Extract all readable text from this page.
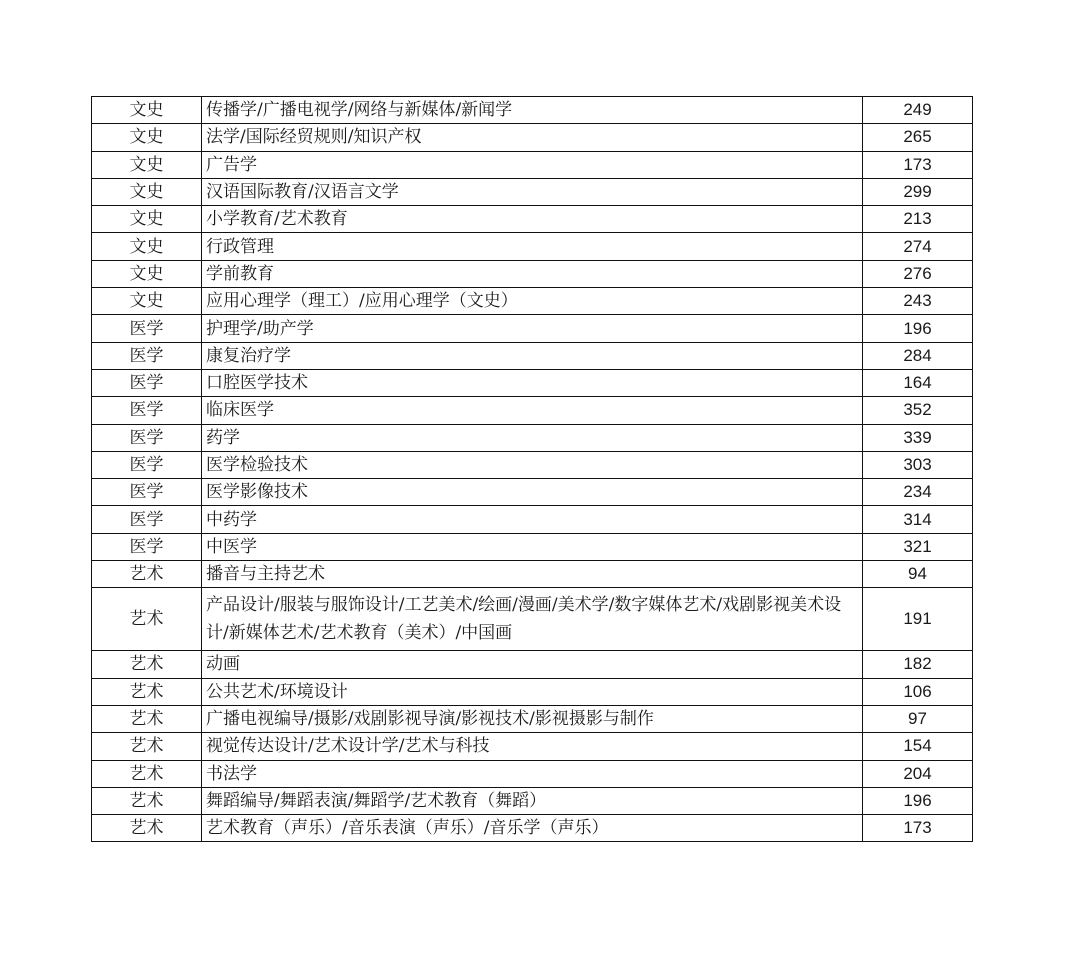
文史	传播学/广播电视学/网络与新媒体/新闻学	249
文史	法学/国际经贸规则/知识产权	265
文史	广告学	173
文史	汉语国际教育/汉语言文学	299
文史	小学教育/艺术教育	213
文史	行政管理	274
文史	学前教育	276
文史	应用心理学（理工）/应用心理学（文史）	243
医学	护理学/助产学	196
医学	康复治疗学	284
医学	口腔医学技术	164
医学	临床医学	352
医学	药学	339
医学	医学检验技术	303
医学	医学影像技术	234
医学	中药学	314
医学	中医学	321
艺术	播音与主持艺术	94
艺术	产品设计/服装与服饰设计/工艺美术/绘画/漫画/美术学/数字媒体艺术/戏剧影视美术设计/新媒体艺术/艺术教育（美术）/中国画	191
艺术	动画	182
艺术	公共艺术/环境设计	106
艺术	广播电视编导/摄影/戏剧影视导演/影视技术/影视摄影与制作	97
艺术	视觉传达设计/艺术设计学/艺术与科技	154
艺术	书法学	204
艺术	舞蹈编导/舞蹈表演/舞蹈学/艺术教育（舞蹈）	196
艺术	艺术教育（声乐）/音乐表演（声乐）/音乐学（声乐）	173
